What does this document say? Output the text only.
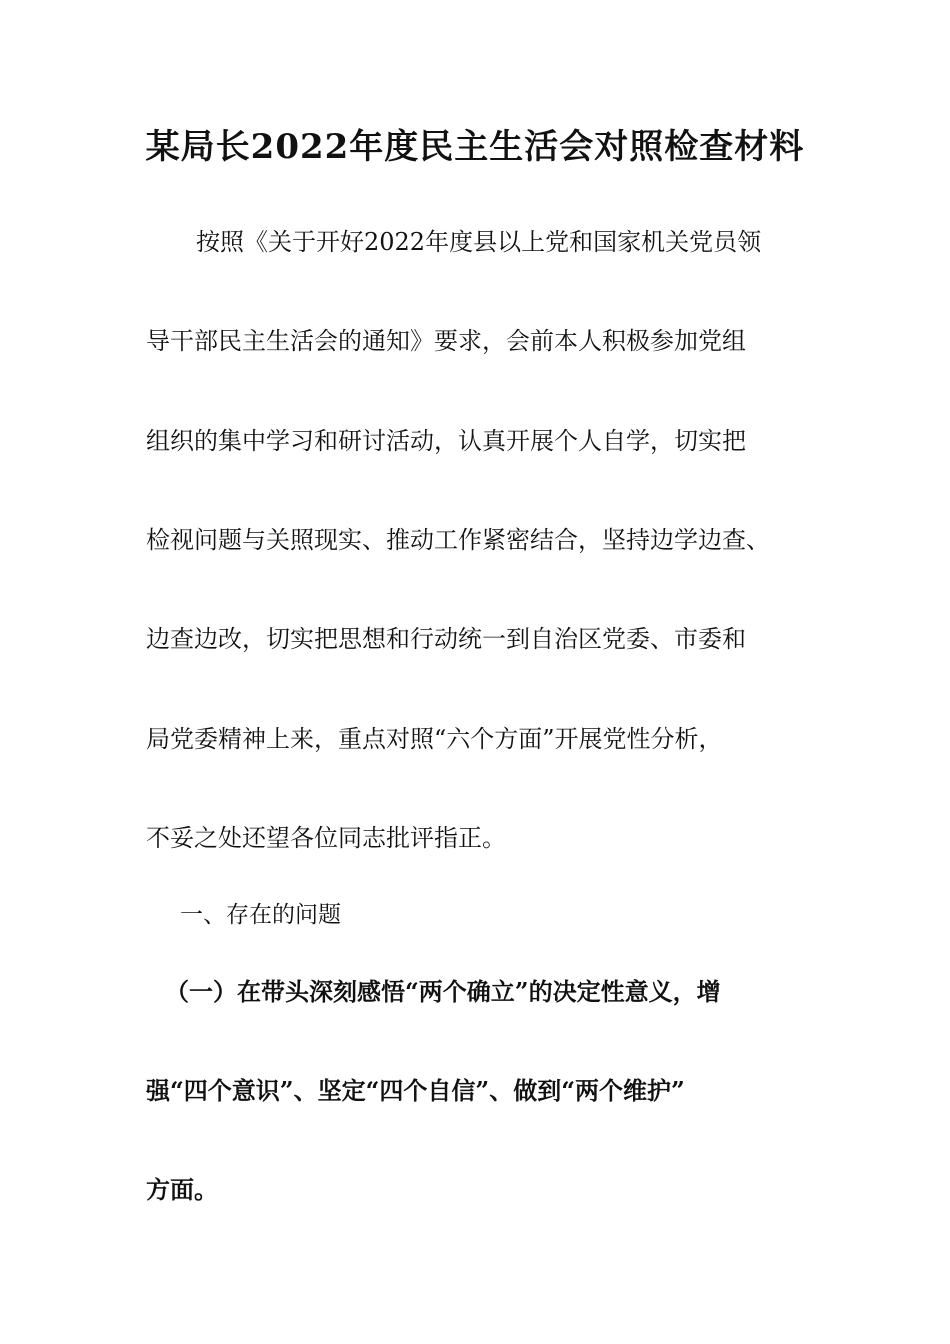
某局长2022年度民主生活会对照检查材料
按照《关于开好2022年度县以上党和国家机关党员领
导干部民主生活会的通知》要求，会前本人积极参加党组
组织的集中学习和研讨活动，认真开展个人自学，切实把
检视问题与关照现实、推动工作紧密结合，坚持边学边查、
边查边改，切实把思想和行动统一到自治区党委、市委和
局党委精神上来，重点对照“六个方面”开展党性分析，
不妥之处还望各位同志批评指正。
一、存在的问题
（一）在带头深刻感悟“两个确立”的决定性意义，增
强“四个意识”、坚定“四个自信”、做到“两个维护”
方面。
